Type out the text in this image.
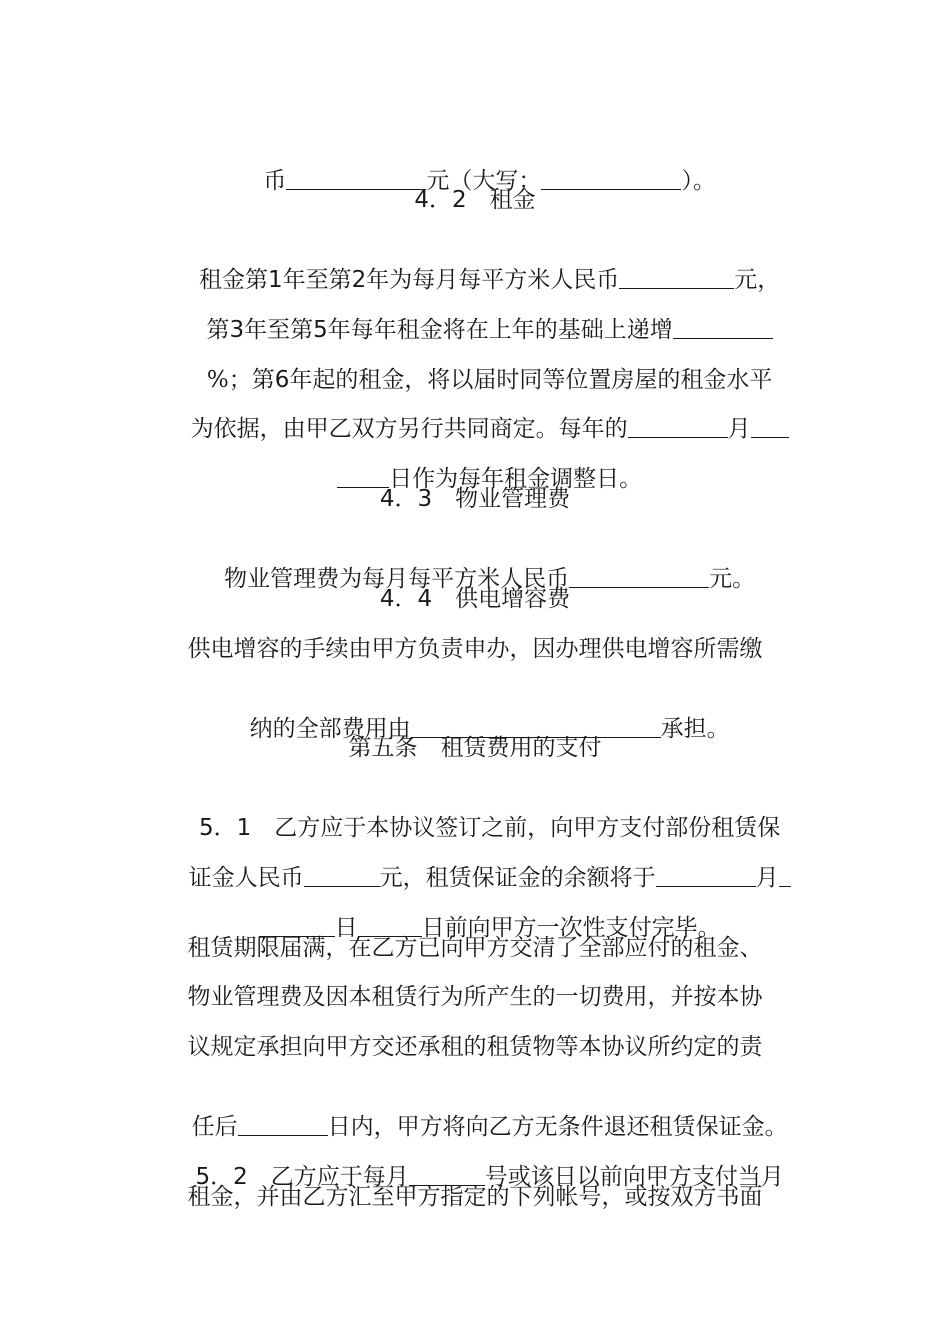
币	元（大写：	）。

4．2　租金

租金第1年至第2年为每月每平方米人民币	元，

第3年至第5年每年租金将在上年的基础上递增

%；第6年起的租金，将以届时同等位置房屋的租金水平

为依据，由甲乙双方另行共同商定。每年的	月

日作为每年租金调整日。

4．3　物业管理费

物业管理费为每月每平方米人民币	元。

4．4　供电增容费
供电增容的手续由甲方负责申办，因办理供电增容所需缴

纳的全部费用由	承担。

第五条　租赁费用的支付

5．1　乙方应于本协议签订之前，向甲方支付部份租赁保

证金人民币	元，租赁保证金的余额将于	月

日	日前向甲方一次性支付完毕。

租赁期限届满，在乙方已向甲方交清了全部应付的租金、
物业管理费及因本租赁行为所产生的一切费用，并按本协
议规定承担向甲方交还承租的租赁物等本协议所约定的责

任后	日内，甲方将向乙方无条件退还租赁保证金。

5．2　乙方应于每月	号或该日以前向甲方支付当月

租金，并由乙方汇至甲方指定的下列帐号，或按双方书面
